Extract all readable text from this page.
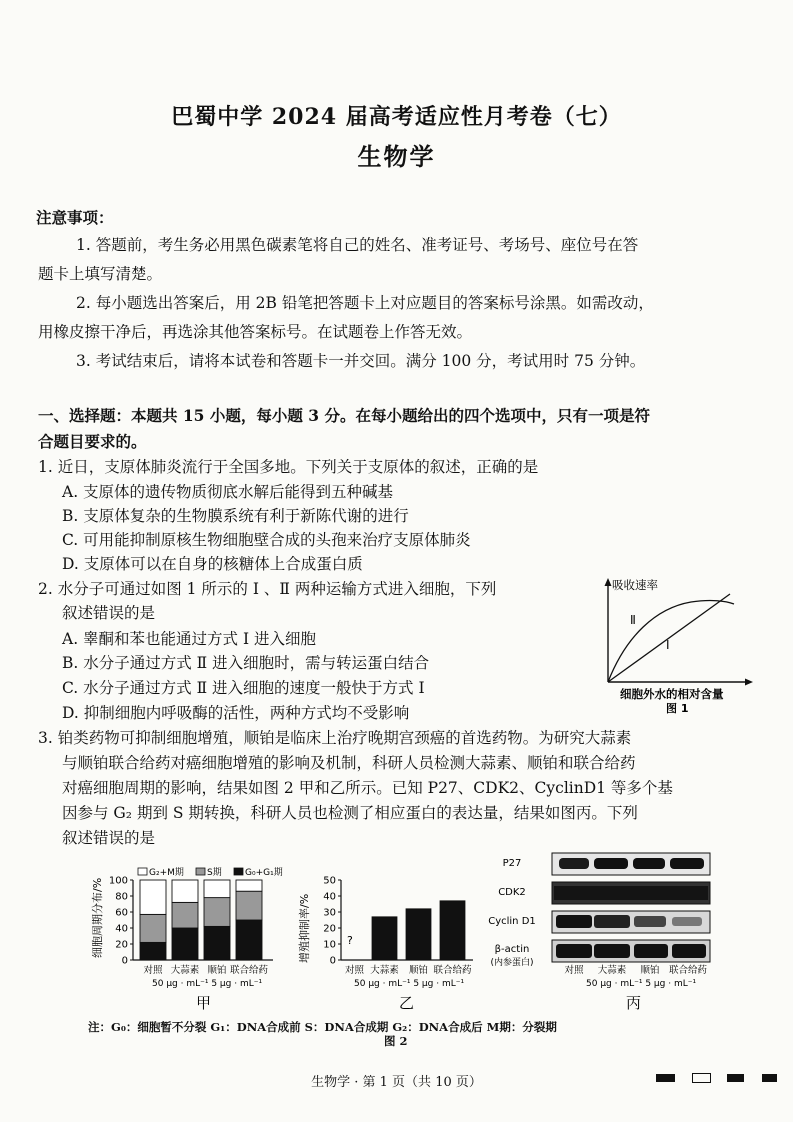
巴蜀中学 2024 届高考适应性月考卷（七）
生物学
注意事项：
1. 答题前，考生务必用黑色碳素笔将自己的姓名、准考证号、考场号、座位号在答
题卡上填写清楚。
2. 每小题选出答案后，用 2B 铅笔把答题卡上对应题目的答案标号涂黑。如需改动，
用橡皮擦干净后，再选涂其他答案标号。在试题卷上作答无效。
3. 考试结束后，请将本试卷和答题卡一并交回。满分 100 分，考试用时 75 分钟。
一、选择题：本题共 15 小题，每小题 3 分。在每小题给出的四个选项中，只有一项是符
合题目要求的。
1. 近日，支原体肺炎流行于全国多地。下列关于支原体的叙述，正确的是
A. 支原体的遗传物质彻底水解后能得到五种碱基
B. 支原体复杂的生物膜系统有利于新陈代谢的进行
C. 可用能抑制原核生物细胞壁合成的头孢来治疗支原体肺炎
D. 支原体可以在自身的核糖体上合成蛋白质
2. 水分子可通过如图 1 所示的 Ⅰ 、Ⅱ 两种运输方式进入细胞，下列
叙述错误的是
A. 睾酮和苯也能通过方式 Ⅰ 进入细胞
B. 水分子通过方式 Ⅱ 进入细胞时，需与转运蛋白结合
C. 水分子通过方式 Ⅱ 进入细胞的速度一般快于方式 Ⅰ
D. 抑制细胞内呼吸酶的活性，两种方式均不受影响
吸收速率
Ⅱ
Ⅰ
细胞外水的相对含量
图 1
3. 铂类药物可抑制细胞增殖，顺铂是临床上治疗晚期宫颈癌的首选药物。为研究大蒜素
与顺铂联合给药对癌细胞增殖的影响及机制，科研人员检测大蒜素、顺铂和联合给药
对癌细胞周期的影响，结果如图 2 甲和乙所示。已知 P27、CDK2、CyclinD1 等多个基
因参与 G₂ 期到 S 期转换，科研人员也检测了相应蛋白的表达量，结果如图丙。下列
叙述错误的是
细胞周期分布/%
G₂+M期	S期	G₀+G₁期
0
20
40
60
80
100
对照 大蒜素 顺铂 联合给药
50 μg · mL⁻¹ 5 μg · mL⁻¹
甲
增殖抑制率/% 0
10
20
30
40
50
对照 大蒜素 顺铂 联合给药
?
50 μg · mL⁻¹ 5 μg · mL⁻¹
乙
P27
CDK2
Cyclin D1
β-actin
(内参蛋白)
对照 大蒜素 顺铂 联合给药
50 μg · mL⁻¹ 5 μg · mL⁻¹
丙
注：G₀：细胞暂不分裂 G₁：DNA合成前 S：DNA合成期 G₂：DNA合成后 M期：分裂期
图 2
生物学 · 第 1 页（共 10 页）
